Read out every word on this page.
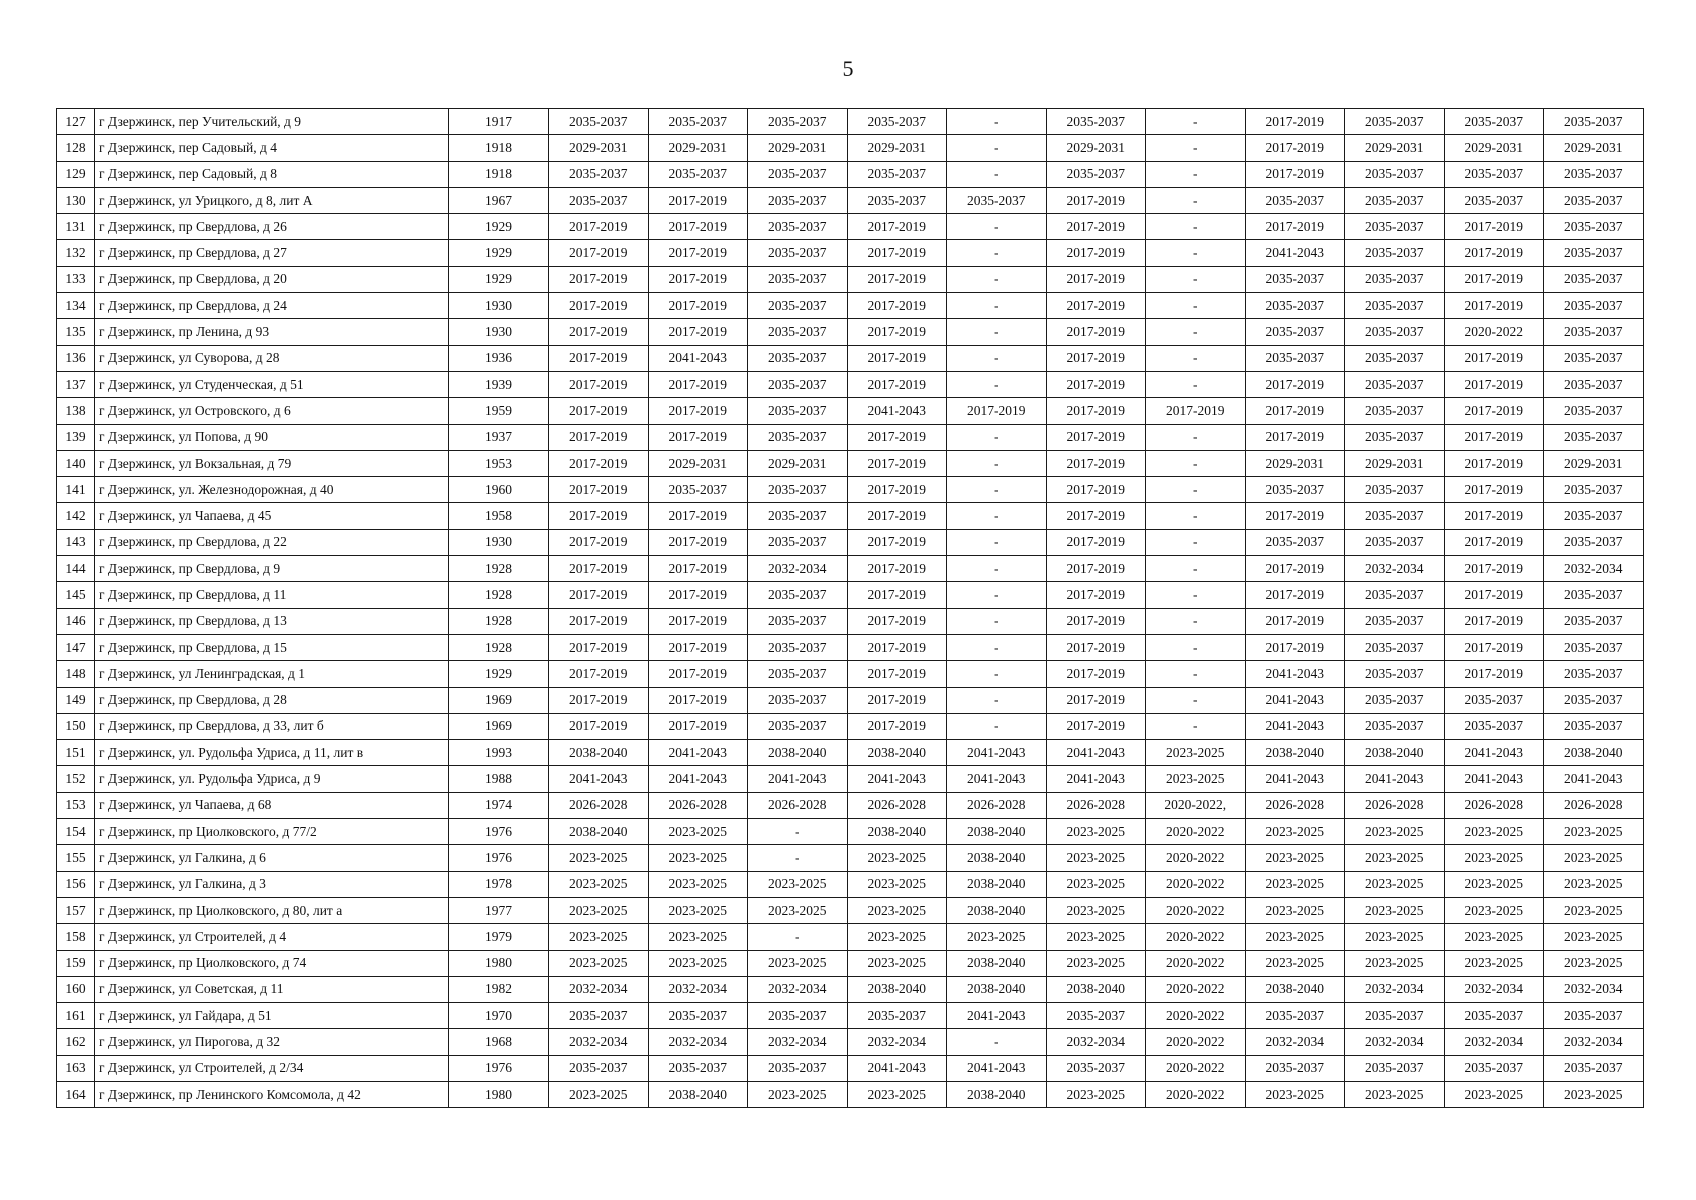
5
127	г Дзержинск, пер Учительский, д 9	1917	2035-2037	2035-2037	2035-2037	2035-2037	-	2035-2037	-	2017-2019	2035-2037	2035-2037	2035-2037
128	г Дзержинск, пер Садовый, д 4	1918	2029-2031	2029-2031	2029-2031	2029-2031	-	2029-2031	-	2017-2019	2029-2031	2029-2031	2029-2031
129	г Дзержинск, пер Садовый, д 8	1918	2035-2037	2035-2037	2035-2037	2035-2037	-	2035-2037	-	2017-2019	2035-2037	2035-2037	2035-2037
130	г Дзержинск, ул Урицкого, д 8, лит А	1967	2035-2037	2017-2019	2035-2037	2035-2037	2035-2037	2017-2019	-	2035-2037	2035-2037	2035-2037	2035-2037
131	г Дзержинск, пр Свердлова, д 26	1929	2017-2019	2017-2019	2035-2037	2017-2019	-	2017-2019	-	2017-2019	2035-2037	2017-2019	2035-2037
132	г Дзержинск, пр Свердлова, д 27	1929	2017-2019	2017-2019	2035-2037	2017-2019	-	2017-2019	-	2041-2043	2035-2037	2017-2019	2035-2037
133	г Дзержинск, пр Свердлова, д 20	1929	2017-2019	2017-2019	2035-2037	2017-2019	-	2017-2019	-	2035-2037	2035-2037	2017-2019	2035-2037
134	г Дзержинск, пр Свердлова, д 24	1930	2017-2019	2017-2019	2035-2037	2017-2019	-	2017-2019	-	2035-2037	2035-2037	2017-2019	2035-2037
135	г Дзержинск, пр Ленина, д 93	1930	2017-2019	2017-2019	2035-2037	2017-2019	-	2017-2019	-	2035-2037	2035-2037	2020-2022	2035-2037
136	г Дзержинск, ул Суворова, д 28	1936	2017-2019	2041-2043	2035-2037	2017-2019	-	2017-2019	-	2035-2037	2035-2037	2017-2019	2035-2037
137	г Дзержинск, ул Студенческая, д 51	1939	2017-2019	2017-2019	2035-2037	2017-2019	-	2017-2019	-	2017-2019	2035-2037	2017-2019	2035-2037
138	г Дзержинск, ул Островского, д 6	1959	2017-2019	2017-2019	2035-2037	2041-2043	2017-2019	2017-2019	2017-2019	2017-2019	2035-2037	2017-2019	2035-2037
139	г Дзержинск, ул Попова, д 90	1937	2017-2019	2017-2019	2035-2037	2017-2019	-	2017-2019	-	2017-2019	2035-2037	2017-2019	2035-2037
140	г Дзержинск, ул Вокзальная, д 79	1953	2017-2019	2029-2031	2029-2031	2017-2019	-	2017-2019	-	2029-2031	2029-2031	2017-2019	2029-2031
141	г Дзержинск, ул. Железнодорожная, д 40	1960	2017-2019	2035-2037	2035-2037	2017-2019	-	2017-2019	-	2035-2037	2035-2037	2017-2019	2035-2037
142	г Дзержинск, ул Чапаева, д 45	1958	2017-2019	2017-2019	2035-2037	2017-2019	-	2017-2019	-	2017-2019	2035-2037	2017-2019	2035-2037
143	г Дзержинск, пр Свердлова, д 22	1930	2017-2019	2017-2019	2035-2037	2017-2019	-	2017-2019	-	2035-2037	2035-2037	2017-2019	2035-2037
144	г Дзержинск, пр Свердлова, д 9	1928	2017-2019	2017-2019	2032-2034	2017-2019	-	2017-2019	-	2017-2019	2032-2034	2017-2019	2032-2034
145	г Дзержинск, пр Свердлова, д 11	1928	2017-2019	2017-2019	2035-2037	2017-2019	-	2017-2019	-	2017-2019	2035-2037	2017-2019	2035-2037
146	г Дзержинск, пр Свердлова, д 13	1928	2017-2019	2017-2019	2035-2037	2017-2019	-	2017-2019	-	2017-2019	2035-2037	2017-2019	2035-2037
147	г Дзержинск, пр Свердлова, д 15	1928	2017-2019	2017-2019	2035-2037	2017-2019	-	2017-2019	-	2017-2019	2035-2037	2017-2019	2035-2037
148	г Дзержинск, ул Ленинградская, д 1	1929	2017-2019	2017-2019	2035-2037	2017-2019	-	2017-2019	-	2041-2043	2035-2037	2017-2019	2035-2037
149	г Дзержинск, пр Свердлова, д 28	1969	2017-2019	2017-2019	2035-2037	2017-2019	-	2017-2019	-	2041-2043	2035-2037	2035-2037	2035-2037
150	г Дзержинск, пр Свердлова, д 33, лит б	1969	2017-2019	2017-2019	2035-2037	2017-2019	-	2017-2019	-	2041-2043	2035-2037	2035-2037	2035-2037
151	г Дзержинск, ул. Рудольфа Удриса, д 11, лит в	1993	2038-2040	2041-2043	2038-2040	2038-2040	2041-2043	2041-2043	2023-2025	2038-2040	2038-2040	2041-2043	2038-2040
152	г Дзержинск, ул. Рудольфа Удриса, д 9	1988	2041-2043	2041-2043	2041-2043	2041-2043	2041-2043	2041-2043	2023-2025	2041-2043	2041-2043	2041-2043	2041-2043
153	г Дзержинск, ул Чапаева, д 68	1974	2026-2028	2026-2028	2026-2028	2026-2028	2026-2028	2026-2028	2020-2022,	2026-2028	2026-2028	2026-2028	2026-2028
154	г Дзержинск, пр Циолковского, д 77/2	1976	2038-2040	2023-2025	-	2038-2040	2038-2040	2023-2025	2020-2022	2023-2025	2023-2025	2023-2025	2023-2025
155	г Дзержинск, ул Галкина, д 6	1976	2023-2025	2023-2025	-	2023-2025	2038-2040	2023-2025	2020-2022	2023-2025	2023-2025	2023-2025	2023-2025
156	г Дзержинск, ул Галкина, д 3	1978	2023-2025	2023-2025	2023-2025	2023-2025	2038-2040	2023-2025	2020-2022	2023-2025	2023-2025	2023-2025	2023-2025
157	г Дзержинск, пр Циолковского, д 80, лит а	1977	2023-2025	2023-2025	2023-2025	2023-2025	2038-2040	2023-2025	2020-2022	2023-2025	2023-2025	2023-2025	2023-2025
158	г Дзержинск, ул Строителей, д 4	1979	2023-2025	2023-2025	-	2023-2025	2023-2025	2023-2025	2020-2022	2023-2025	2023-2025	2023-2025	2023-2025
159	г Дзержинск, пр Циолковского, д 74	1980	2023-2025	2023-2025	2023-2025	2023-2025	2038-2040	2023-2025	2020-2022	2023-2025	2023-2025	2023-2025	2023-2025
160	г Дзержинск, ул Советская, д 11	1982	2032-2034	2032-2034	2032-2034	2038-2040	2038-2040	2038-2040	2020-2022	2038-2040	2032-2034	2032-2034	2032-2034
161	г Дзержинск, ул Гайдара, д 51	1970	2035-2037	2035-2037	2035-2037	2035-2037	2041-2043	2035-2037	2020-2022	2035-2037	2035-2037	2035-2037	2035-2037
162	г Дзержинск, ул Пирогова, д 32	1968	2032-2034	2032-2034	2032-2034	2032-2034	-	2032-2034	2020-2022	2032-2034	2032-2034	2032-2034	2032-2034
163	г Дзержинск, ул Строителей, д 2/34	1976	2035-2037	2035-2037	2035-2037	2041-2043	2041-2043	2035-2037	2020-2022	2035-2037	2035-2037	2035-2037	2035-2037
164	г Дзержинск, пр Ленинского Комсомола, д 42	1980	2023-2025	2038-2040	2023-2025	2023-2025	2038-2040	2023-2025	2020-2022	2023-2025	2023-2025	2023-2025	2023-2025
